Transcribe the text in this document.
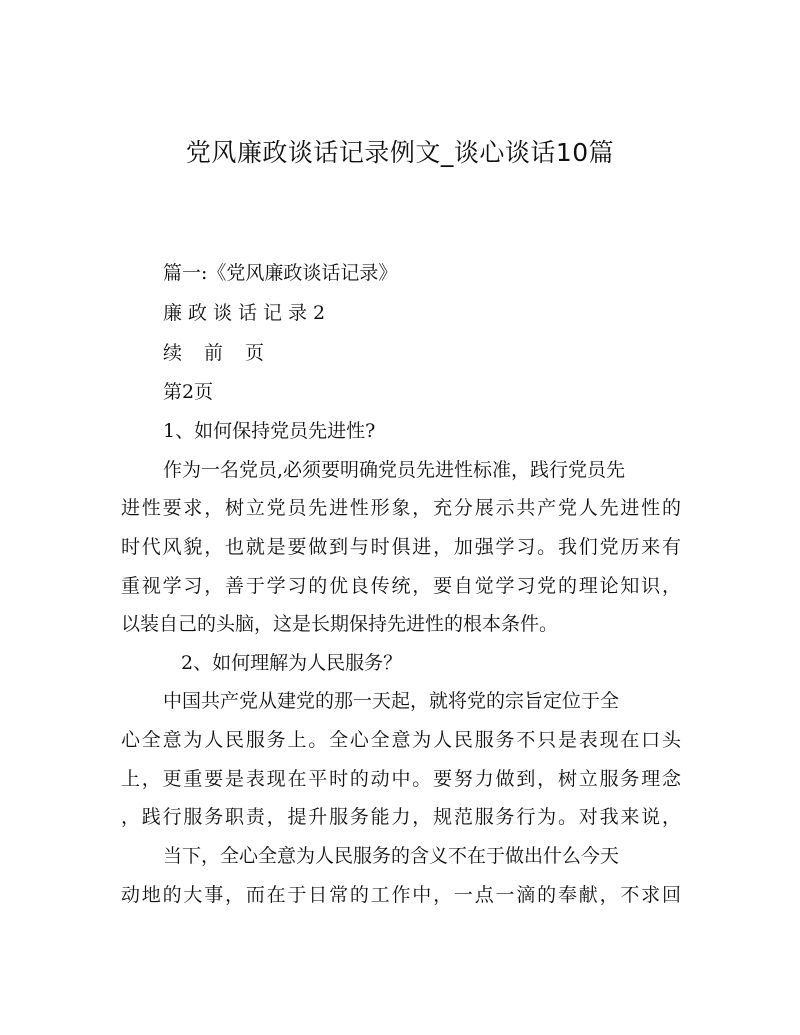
党风廉政谈话记录例文_谈心谈话10篇
篇一:《党风廉政谈话记录》
廉政谈话记录2
续前页
第2页
1、如何保持党员先进性?
作为一名党员,必须要明确党员先进性标准，践行党员先
进性要求，树立党员先进性形象，充分展示共产党人先进性的
时代风貌，也就是要做到与时俱进，加强学习。我们党历来有
重视学习，善于学习的优良传统，要自觉学习党的理论知识，
以装自己的头脑，这是长期保持先进性的根本条件。
2、如何理解为人民服务？
中国共产党从建党的那一天起，就将党的宗旨定位于全
心全意为人民服务上。全心全意为人民服务不只是表现在口头
上，更重要是表现在平时的动中。要努力做到，树立服务理念
，践行服务职责，提升服务能力，规范服务行为。对我来说，
当下，全心全意为人民服务的含义不在于做出什么今天
动地的大事，而在于日常的工作中，一点一滴的奉献，不求回
